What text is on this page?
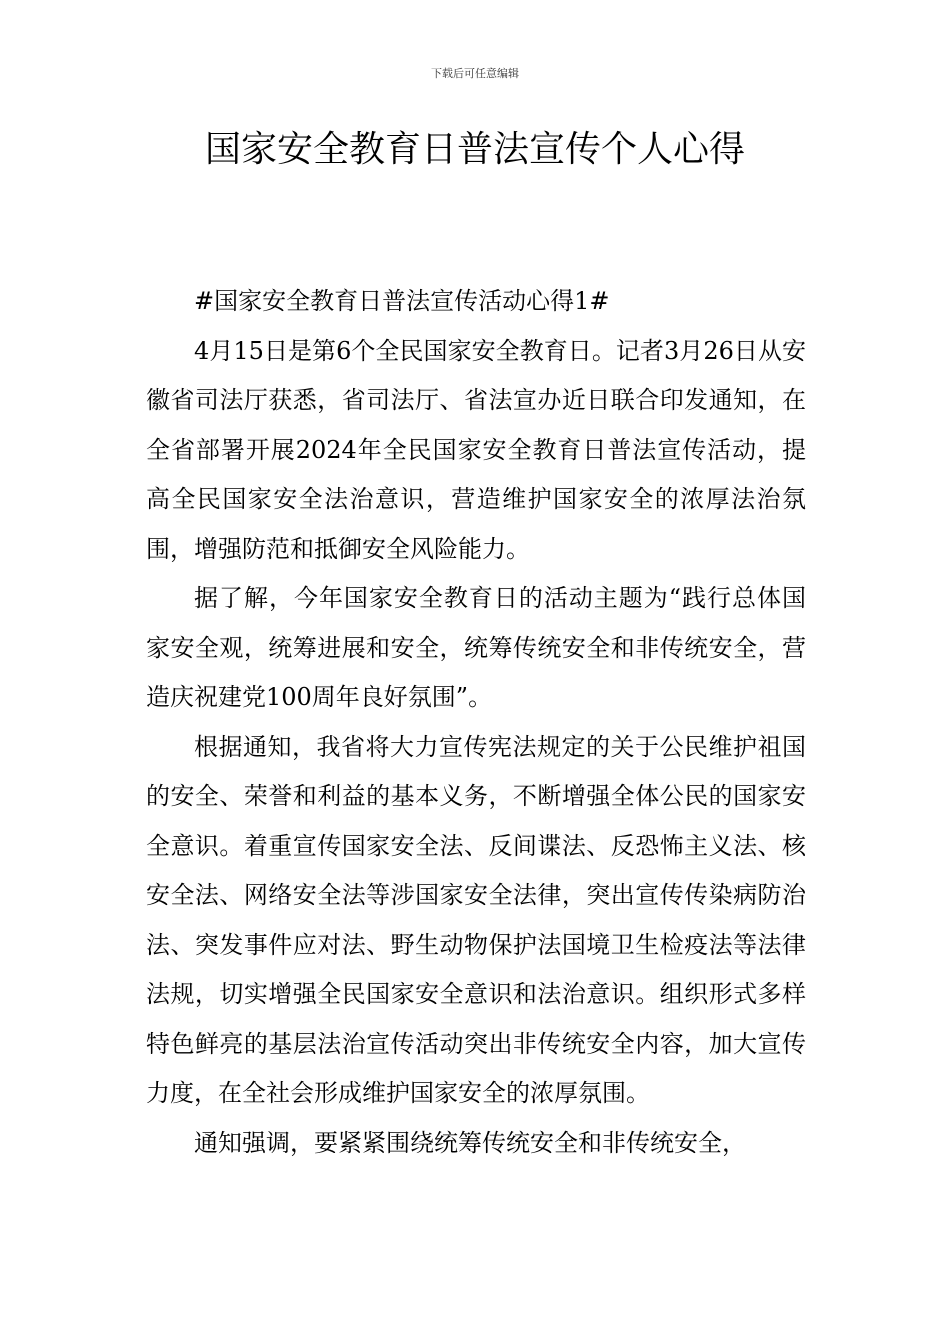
下载后可任意编辑
国家安全教育日普法宣传个人心得

#国家安全教育日普法宣传活动心得1#

4月15日是第6个全民国家安全教育日。记者3月26日从安徽省司法厅获悉，省司法厅、省法宣办近日联合印发通知，在全省部署开展2024年全民国家安全教育日普法宣传活动，提高全民国家安全法治意识，营造维护国家安全的浓厚法治氛围，增强防范和抵御安全风险能力。

据了解，今年国家安全教育日的活动主题为“践行总体国家安全观，统筹进展和安全，统筹传统安全和非传统安全，营造庆祝建党100周年良好氛围”。

根据通知，我省将大力宣传宪法规定的关于公民维护祖国的安全、荣誉和利益的基本义务，不断增强全体公民的国家安全意识。着重宣传国家安全法、反间谍法、反恐怖主义法、核安全法、网络安全法等涉国家安全法律，突出宣传传染病防治法、突发事件应对法、野生动物保护法国境卫生检疫法等法律法规，切实增强全民国家安全意识和法治意识。组织形式多样特色鲜亮的基层法治宣传活动突出非传统安全内容，加大宣传力度，在全社会形成维护国家安全的浓厚氛围。

通知强调，要紧紧围绕统筹传统安全和非传统安全，
